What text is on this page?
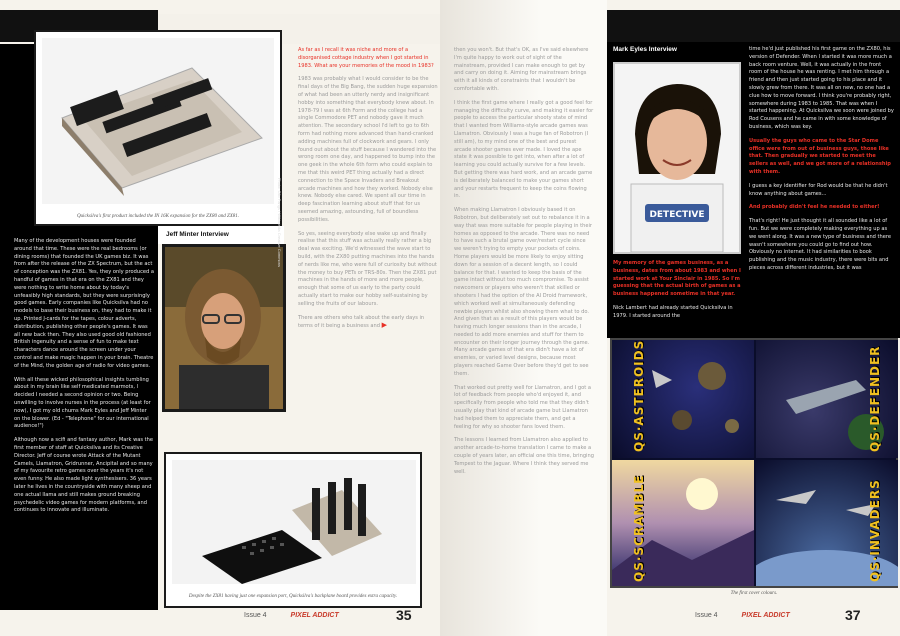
Quicksilva's first product included the IN 16K expansion for the ZX80 and ZX81.

Many of the development houses were founded around that time. These were the real bedrooms (or dining rooms) that founded the UK games biz. It was from after the release of the ZX Spectrum, but the act of conception was the ZX81. Yes, they only produced a handful of games in that era on the ZX81 and they were nothing to write home about by today's unfeasibly high standards, but they were surprisingly good games. Early companies like Quicksilva had no models to base their business on, they had to make it up. Printed J-cards for the tapes, colour adverts, distribution, publishing other people's games. It was all new back then. They also used good old fashioned British ingenuity and a sense of fun to make text characters dance around the screen under your control and make magic happen in your brain. Theatre of the Mind, the golden age of radio for video games.

With all these wicked philosophical insights tumbling about in my brain like self medicated marmots, I decided I needed a second opinion or two. Being unwilling to involve nurses in the process (at least for now), I got my old chums Mark Eyles and Jeff Minter on the blower. (Ed - "Telephone" for our international audience!")

Although now a scifi and fantasy author, Mark was the first member of staff at Quicksilva and its Creative Director. Jeff of course wrote Attack of the Mutant Camels, Llamatron, Gridrunner, Ancipital and so many of my favourite retro games over the years it's not even funny. He also made light synthesisers. 36 years later he lives in the countryside with many sheep and one actual llama and still makes ground breaking psychedelic video games for modern platforms, and continues to innovate and illuminate.

Jeff Minter Interview	Photo: Ollo Fangs / Wikimedia Creative Commons
Despite the ZX81 having just one expansion port, Quicksilva's backplane board provides extra capacity.

As far as I recall it was niche and more of a disorganised cottage industry when I got started in 1983. What are your memories of the mood in 1983?

1983 was probably what I would consider to be the final days of the Big Bang, the sudden huge expansion of what had been an utterly nerdy and insignificant hobby into something that everybody knew about. In 1978-79 I was at 6th Form and the college had a single Commodore PET and nobody gave it much attention. The secondary school I'd left to go to 6th form had nothing more advanced than hand-cranked adding machines full of clockwork and gears. I only found out about the stuff because I wandered into the wrong room one day, and happened to bump into the one geek in the whole 6th form who could explain to me that this weird PET thing actually had a direct connection to the Space Invaders and Breakout arcade machines and how they worked. Nobody else knew. Nobody else cared. We spent all our time in deep fascination learning about stuff that for us seemed amazing, astounding, full of boundless possibilities.

So yes, seeing everybody else wake up and finally realise that this stuff was actually really rather a big deal was exciting. We'd witnessed the wave start to build, with the ZX80 putting machines into the hands of nerds like me, who were full of curiosity but without the money to buy PETs or TRS-80s. Then the ZX81 put machines in the hands of more and more people, enough that some of us early to the party could actually start to make our hobby self-sustaining by selling the fruits of our labours.

There are others who talk about the early days in terms of it being a business and ▶

Issue 4	PIXEL ADDICT	35

then you won't. But that's OK, as I've said elsewhere I'm quite happy to work out of sight of the mainstream, provided I can make enough to get by and carry on doing it. Aiming for mainstream brings with it all kinds of constraints that I wouldn't be comfortable with.

I think the first game where I really got a good feel for managing the difficulty curve, and making it easier for people to access the particular shooty state of mind that I wanted from Williams-style arcade games was Llamatron. Obviously I was a huge fan of Robotron (I still am), to my mind one of the best and purest arcade shooter games ever made. I loved the ape state it was possible to get into, when after a lot of learning you could actually survive for a few levels. But getting there was hard work, and an arcade game is deliberately balanced to make your games short and your restarts frequent to keep the coins flowing in.

When making Llamatron I obviously based it on Robotron, but deliberately set out to rebalance it in a way that was more suitable for people playing in their homes as opposed to the arcade. There was no need to have such a brutal game over/restart cycle since we weren't trying to empty your pockets of coins. Home players would be more likely to enjoy sitting down for a session of a decent length, so I could balance for that. I wanted to keep the basis of the game intact without too much compromise. To assist newcomers or players who weren't that skilled or shooters I had the option of the AI Droid framework, which worked well at simultaneously defending newbie players whilst also showing them what to do. And given that as a result of this players would be having much longer sessions than in the arcade, I needed to add more enemies and stuff for them to encounter on their longer journey through the game. Many arcade games of that era didn't have a lot of enemies, or varied level designs, because most players reached Game Over before they'd get to see them.

That worked out pretty well for Llamatron, and I got a lot of feedback from people who'd enjoyed it, and specifically from people who told me that they didn't usually play that kind of arcade game but Llamatron had helped them to appreciate them, and get a feeling for why so shooter fans loved them.

The lessons I learned from Llamatron also applied to another arcade-to-home translation I came to make a couple of years later, an official one this time, bringing Tempest to the Jaguar. Where I think they served me well.

Mark Eyles Interview
DETECTIVE

My memory of the games business, as a business, dates from about 1983 and when I started work at Your Sinclair in 1985. So I'm guessing that the actual birth of games as a business happened sometime in that year.

Nick Lambert had already started Quicksilva in 1979. I started around the

time he'd just published his first game on the ZX80, his version of Defender. When I started it was more much a back room venture. Well, it was actually in the front room of the house he was renting. I met him through a friend and then just started going to his place and it slowly grew from there. It was all on new, no one had a clue how to move forward. I think you're probably right, somewhere during 1983 to 1985. That was when I started happening. At Quicksilva we soon were joined by Rod Cousens and he came in with some knowledge of business, which was key.

Usually the guys who came to the Star Dome office were from out of business guys, those like that. Then gradually we started to meet the sellers as well, and we got more of a relationship with them.

I guess a key identifier for Rod would be that he didn't know anything about games...

And probably didn't feel he needed to either!

That's right! He just thought it all sounded like a lot of fun. But we were completely making everything up as we went along. It was a new type of business and there wasn't somewhere you could go to find out how. Obviously no internet. It had similarities to book publishing and the music industry, there were bits and pieces across different industries, but it was

Issue 4	PIXEL ADDICT	37
QS·ASTEROIDS	QS·DEFENDER
QS·SCRAMBLE	QS·INVADERS
The first cover colours.
